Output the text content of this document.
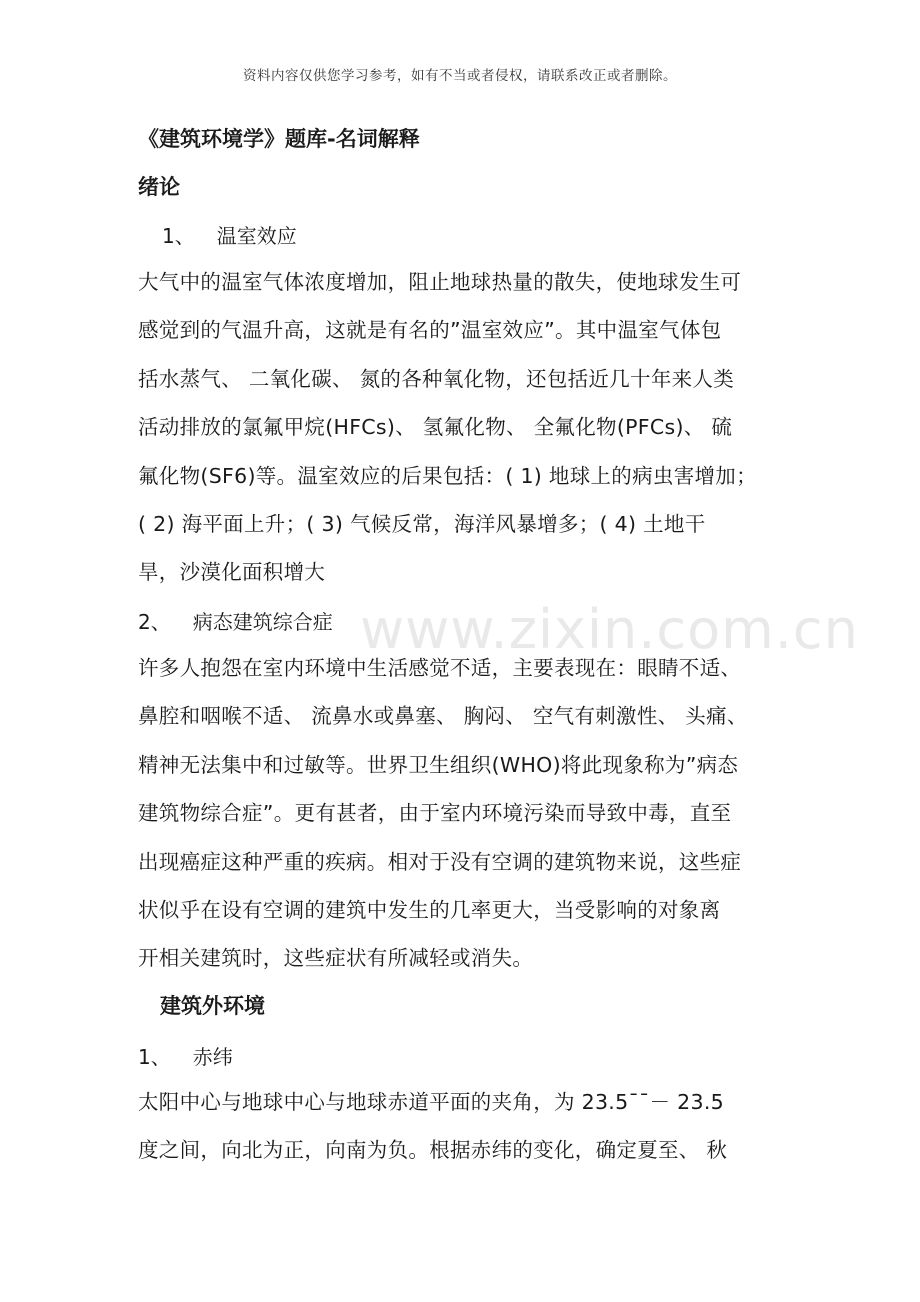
资料内容仅供您学习参考，如有不当或者侵权，请联系改正或者删除。
www.zixin.com.cn
《建筑环境学》题库-名词解释
绪论
1、 温室效应
大气中的温室气体浓度增加，阻止地球热量的散失，使地球发生可
感觉到的气温升高，这就是有名的”温室效应”。其中温室气体包
括水蒸气、 二氧化碳、 氮的各种氧化物，还包括近几十年来人类
活动排放的氯氟甲烷(HFCs)、 氢氟化物、 全氟化物(PFCs)、 硫
氟化物(SF6)等。温室效应的后果包括：( 1) 地球上的病虫害增加；
( 2) 海平面上升；( 3) 气候反常，海洋风暴增多；( 4) 土地干
旱，沙漠化面积增大
2、 病态建筑综合症
许多人抱怨在室内环境中生活感觉不适，主要表现在：眼睛不适、
鼻腔和咽喉不适、 流鼻水或鼻塞、 胸闷、 空气有刺激性、 头痛、
精神无法集中和过敏等。世界卫生组织(WHO)将此现象称为”病态
建筑物综合症”。更有甚者，由于室内环境污染而导致中毒，直至
出现癌症这种严重的疾病。相对于没有空调的建筑物来说，这些症
状似乎在设有空调的建筑中发生的几率更大，当受影响的对象离
开相关建筑时，这些症状有所减轻或消失。
建筑外环境
1、 赤纬
太阳中心与地球中心与地球赤道平面的夹角，为 23.5¯¯－ 23.5
度之间，向北为正，向南为负。根据赤纬的变化，确定夏至、 秋
